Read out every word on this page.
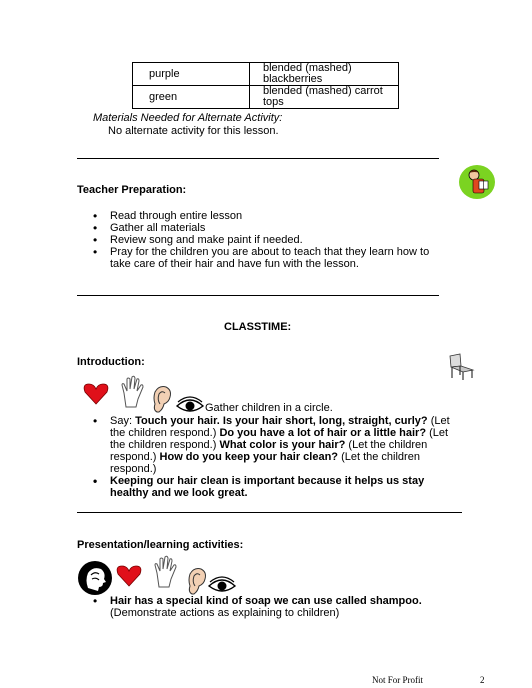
purple	blended (mashed) blackberries
green	blended (mashed) carrot tops
Materials Needed for Alternate Activity:
No alternate activity for this lesson.
Teacher Preparation:
• Read through entire lesson
• Gather all materials
• Review song and make paint if needed.
• Pray for the children you are about to teach that they learn how to take care of their hair and have fun with the lesson.
CLASSTIME:
Introduction:
Gather children in a circle.
• Say: Touch your hair. Is your hair short, long, straight, curly? (Let the children respond.) Do you have a lot of hair or a little hair? (Let the children respond.) What color is your hair? (Let the children respond.) How do you keep your hair clean? (Let the children respond.)
• Keeping our hair clean is important because it helps us stay healthy and we look great.
Presentation/learning activities:
• Hair has a special kind of soap we can use called shampoo. (Demonstrate actions as explaining to children)
Not For Profit	2
